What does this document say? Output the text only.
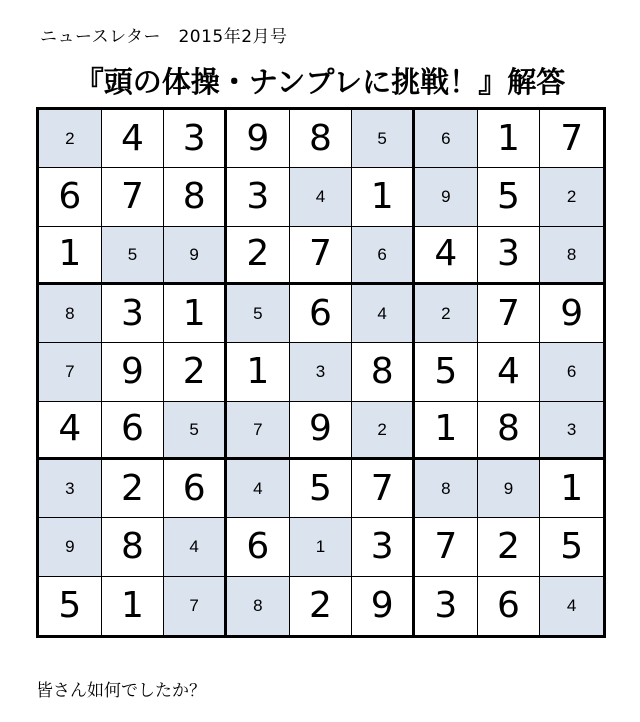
ニュースレター　2015年2月号
『頭の体操・ナンプレに挑戦！』解答
2 4 3 9 8	5	6 1 7
6 7 8 3	4 1	9 5	2
1	5	9 2 7	6 4 3	8
8 3 1	5 6	4	2 7 9
7 9 2 1	3 8 5 4	6
4 6	5	7 9	2 1 8	3
3 2 6	4 5 7	8	9 1
9 8	4 6	1 3 7 2 5
5 1	7	8 2 9 3 6	4
皆さん如何でしたか？
